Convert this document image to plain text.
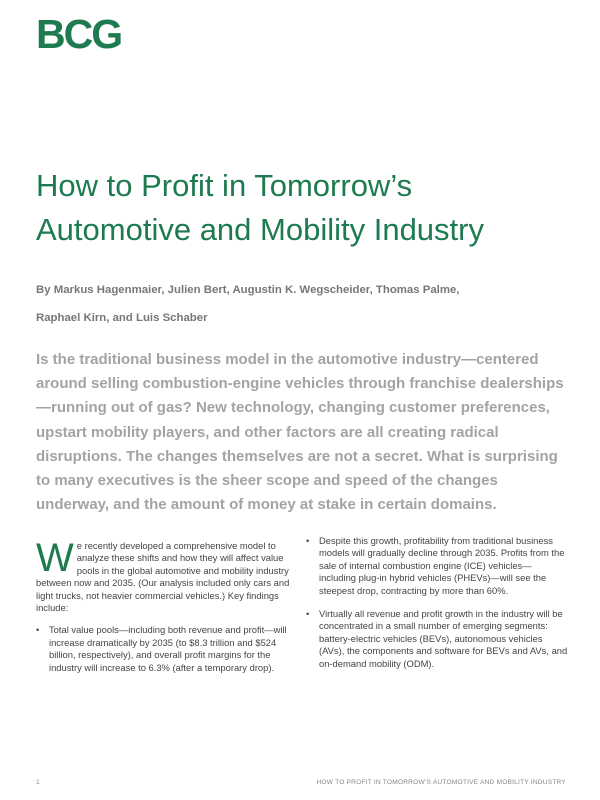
BCG
How to Profit in Tomorrow’s
Automotive and Mobility Industry

By Markus Hagenmaier, Julien Bert, Augustin K. Wegscheider, Thomas Palme,
Raphael Kirn, and Luis Schaber

Is the traditional business model in the automotive industry—centered around selling combustion-engine vehicles through franchise dealerships—running out of gas? New technology, changing customer preferences, upstart mobility players, and other factors are all creating radical disruptions. The changes themselves are not a secret. What is surprising to many executives is the sheer scope and speed of the changes underway, and the amount of money at stake in certain domains.

We recently developed a comprehensive model to analyze these shifts and how they will affect value pools in the global automotive and mobility industry between now and 2035. (Our analysis included only cars and light trucks, not heavier commercial vehicles.) Key findings include:

• Total value pools—including both revenue and profit—will increase dramatically by 2035 (to $8.3 trillion and $524 billion, respectively), and overall profit margins for the industry will increase to 6.3% (after a temporary drop).
• Despite this growth, profitability from traditional business models will gradually decline through 2035. Profits from the sale of internal combustion engine (ICE) vehicles—including plug-in hybrid vehicles (PHEVs)—will see the steepest drop, contracting by more than 60%.
• Virtually all revenue and profit growth in the industry will be concentrated in a small number of emerging segments: battery-electric vehicles (BEVs), autonomous vehicles (AVs), the components and software for BEVs and AVs, and on-demand mobility (ODM).
1	HOW TO PROFIT IN TOMORROW’S AUTOMOTIVE AND MOBILITY INDUSTRY
